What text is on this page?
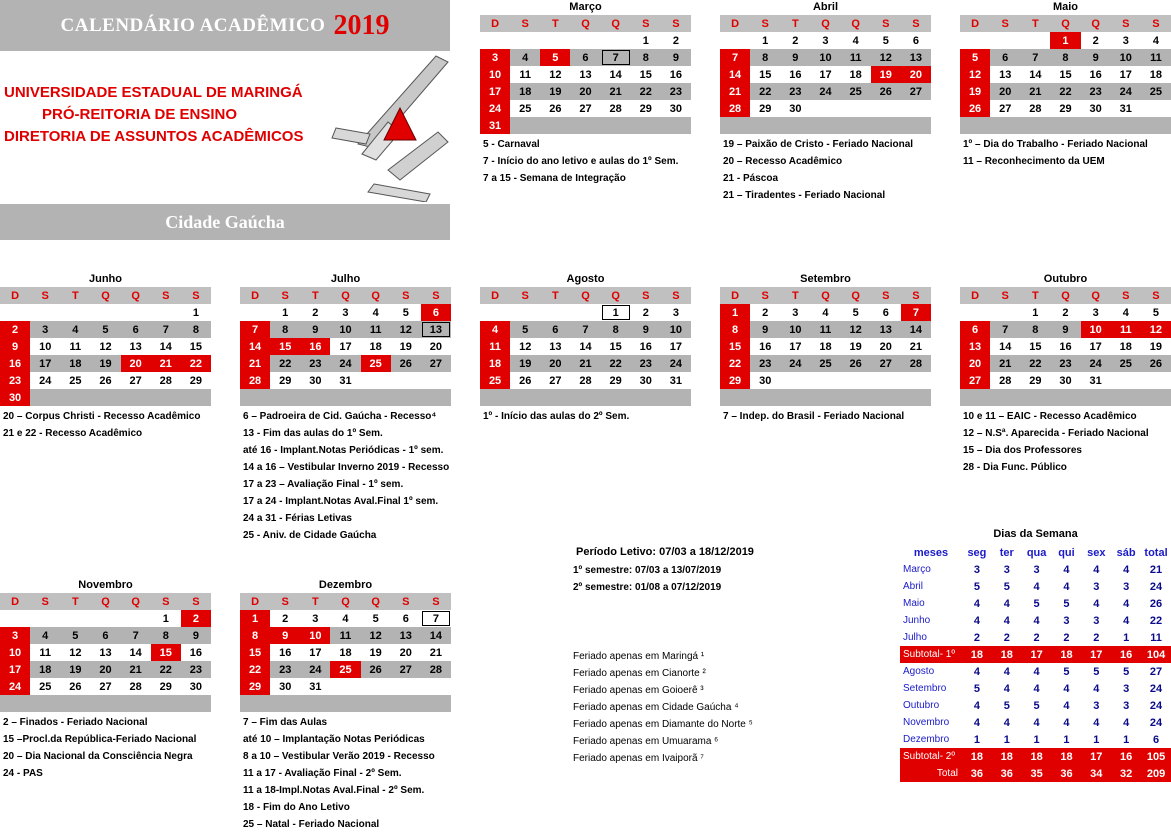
CALENDÁRIO ACADÊMICO 2019
UNIVERSIDADE ESTADUAL DE MARINGÁ
PRÓ-REITORIA DE ENSINO
DIRETORIA DE ASSUNTOS ACADÊMICOS
Cidade Gaúcha
Março
D	S	T	Q	Q	S	S
					1	2
3	4	5	6	7	8	9
10	11	12	13	14	15	16
17	18	19	20	21	22	23
24	25	26	27	28	29	30
31						
5 - Carnaval
7 - Início do ano letivo e aulas do 1º Sem.
7 a 15 - Semana de Integração
Abril
D	S	T	Q	Q	S	S
	1	2	3	4	5	6
7	8	9	10	11	12	13
14	15	16	17	18	19	20
21	22	23	24	25	26	27
28	29	30				

19 – Paixão de Cristo - Feriado Nacional
20 – Recesso Acadêmico
21 - Páscoa
21 – Tiradentes - Feriado Nacional
Maio
D	S	T	Q	Q	S	S
			1	2	3	4
5	6	7	8	9	10	11
12	13	14	15	16	17	18
19	20	21	22	23	24	25
26	27	28	29	30	31	

1º – Dia do Trabalho - Feriado Nacional
11 – Reconhecimento da UEM
Junho
D	S	T	Q	Q	S	S
						1
2	3	4	5	6	7	8
9	10	11	12	13	14	15
16	17	18	19	20	21	22
23	24	25	26	27	28	29
30						
20 – Corpus Christi - Recesso Acadêmico
21 e 22 - Recesso Acadêmico
Julho
D	S	T	Q	Q	S	S
	1	2	3	4	5	6
7	8	9	10	11	12	13
14	15	16	17	18	19	20
21	22	23	24	25	26	27
28	29	30	31			

6 – Padroeira de Cid. Gaúcha - Recesso⁴
13 - Fim das aulas do 1º Sem.
até 16 - Implant.Notas Periódicas - 1º sem.
14 a 16 – Vestibular Inverno 2019 - Recesso
17 a 23 – Avaliação Final - 1º sem.
17 a 24 - Implant.Notas Aval.Final 1º sem.
24 a 31 - Férias Letivas
25 - Aniv. de Cidade Gaúcha
Agosto
D	S	T	Q	Q	S	S
				1	2	3
4	5	6	7	8	9	10
11	12	13	14	15	16	17
18	19	20	21	22	23	24
25	26	27	28	29	30	31

1º - Início das aulas do 2º Sem.
Setembro
D	S	T	Q	Q	S	S
1	2	3	4	5	6	7
8	9	10	11	12	13	14
15	16	17	18	19	20	21
22	23	24	25	26	27	28
29	30					

7 – Indep. do Brasil - Feriado Nacional
Outubro
D	S	T	Q	Q	S	S
		1	2	3	4	5
6	7	8	9	10	11	12
13	14	15	16	17	18	19
20	21	22	23	24	25	26
27	28	29	30	31		

10 e 11 – EAIC - Recesso Acadêmico
12 – N.Sª. Aparecida - Feriado Nacional
15 – Dia dos Professores
28 - Dia Func. Público
Novembro
D	S	T	Q	Q	S	S
					1	2
3	4	5	6	7	8	9
10	11	12	13	14	15	16
17	18	19	20	21	22	23
24	25	26	27	28	29	30

2 – Finados - Feriado Nacional
15 –Procl.da República-Feriado Nacional
20 – Dia Nacional da Consciência Negra
24 - PAS
Dezembro
D	S	T	Q	Q	S	S
1	2	3	4	5	6	7
8	9	10	11	12	13	14
15	16	17	18	19	20	21
22	23	24	25	26	27	28
29	30	31				

7 – Fim das Aulas
até 10 – Implantação Notas Periódicas
8 a 10 – Vestibular Verão 2019 - Recesso
11 a 17 - Avaliação Final - 2º Sem.
11 a 18-Impl.Notas Aval.Final - 2º Sem.
18 - Fim do Ano Letivo
25 – Natal - Feriado Nacional
Período Letivo: 07/03 a 18/12/2019
1º semestre: 07/03 a 13/07/2019
2º semestre: 01/08 a 07/12/2019
Feriado apenas em Maringá ¹
Feriado apenas em Cianorte ²
Feriado apenas em Goioerê ³
Feriado apenas em Cidade Gaúcha ⁴
Feriado apenas em Diamante do Norte ⁵
Feriado apenas em Umuarama ⁶
Feriado apenas em Ivaiporã ⁷
Dias da Semana
meses	seg	ter	qua	qui	sex	sáb	total
Março	3	3	3	4	4	4	21
Abril	5	5	4	4	3	3	24
Maio	4	4	5	5	4	4	26
Junho	4	4	4	3	3	4	22
Julho	2	2	2	2	2	1	11
Subtotal- 1º	18	18	17	18	17	16	104
Agosto	4	4	4	5	5	5	27
Setembro	5	4	4	4	4	3	24
Outubro	4	5	5	4	3	3	24
Novembro	4	4	4	4	4	4	24
Dezembro	1	1	1	1	1	1	6
Subtotal- 2º	18	18	18	18	17	16	105
Total	36	36	35	36	34	32	209
